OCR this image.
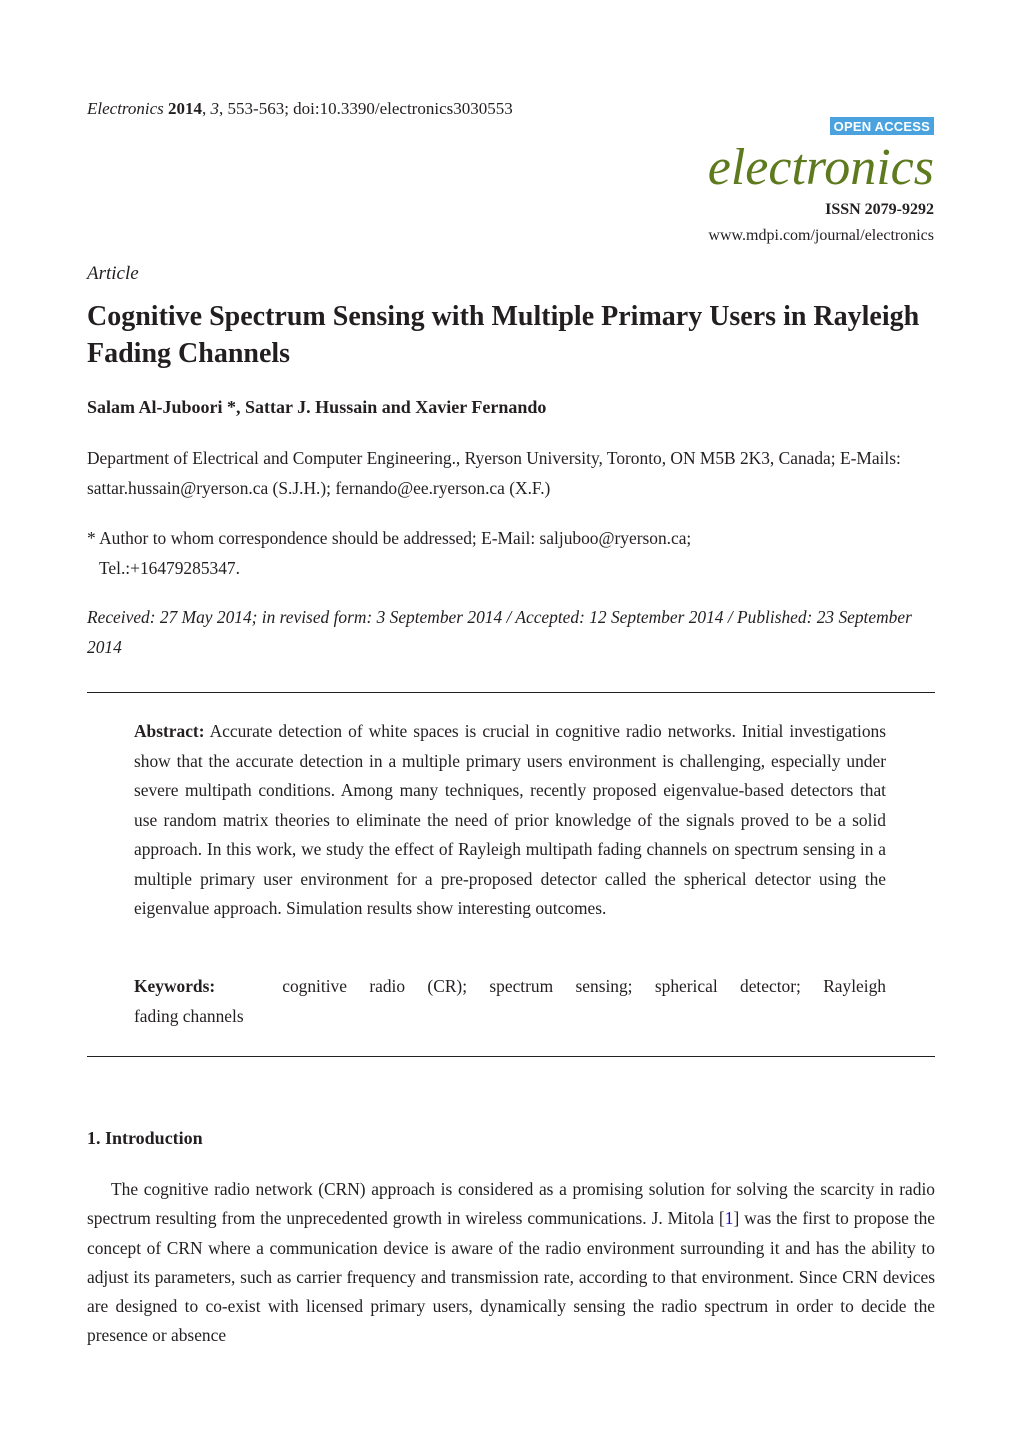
Electronics 2014, 3, 553-563; doi:10.3390/electronics3030553
OPEN ACCESS
electronics
ISSN 2079-9292
www.mdpi.com/journal/electronics
Article
Cognitive Spectrum Sensing with Multiple Primary Users in Rayleigh Fading Channels
Salam Al-Juboori *, Sattar J. Hussain and Xavier Fernando
Department of Electrical and Computer Engineering., Ryerson University, Toronto, ON M5B 2K3, Canada; E-Mails: sattar.hussain@ryerson.ca (S.J.H.); fernando@ee.ryerson.ca (X.F.)
* Author to whom correspondence should be addressed; E-Mail: saljuboo@ryerson.ca;
Tel.:+16479285347.
Received: 27 May 2014; in revised form: 3 September 2014 / Accepted: 12 September 2014 / Published: 23 September 2014
Abstract: Accurate detection of white spaces is crucial in cognitive radio networks. Initial investigations show that the accurate detection in a multiple primary users environment is challenging, especially under severe multipath conditions. Among many techniques, recently proposed eigenvalue-based detectors that use random matrix theories to eliminate the need of prior knowledge of the signals proved to be a solid approach. In this work, we study the effect of Rayleigh multipath fading channels on spectrum sensing in a multiple primary user environment for a pre-proposed detector called the spherical detector using the eigenvalue approach. Simulation results show interesting outcomes.
Keywords:	cognitive radio (CR); spectrum sensing; spherical detector; Rayleigh
fading channels
1. Introduction
The cognitive radio network (CRN) approach is considered as a promising solution for solving the scarcity in radio spectrum resulting from the unprecedented growth in wireless communications. J. Mitola [1] was the first to propose the concept of CRN where a communication device is aware of the radio environment surrounding it and has the ability to adjust its parameters, such as carrier frequency and transmission rate, according to that environment. Since CRN devices are designed to co-exist with licensed primary users, dynamically sensing the radio spectrum in order to decide the presence or absence
